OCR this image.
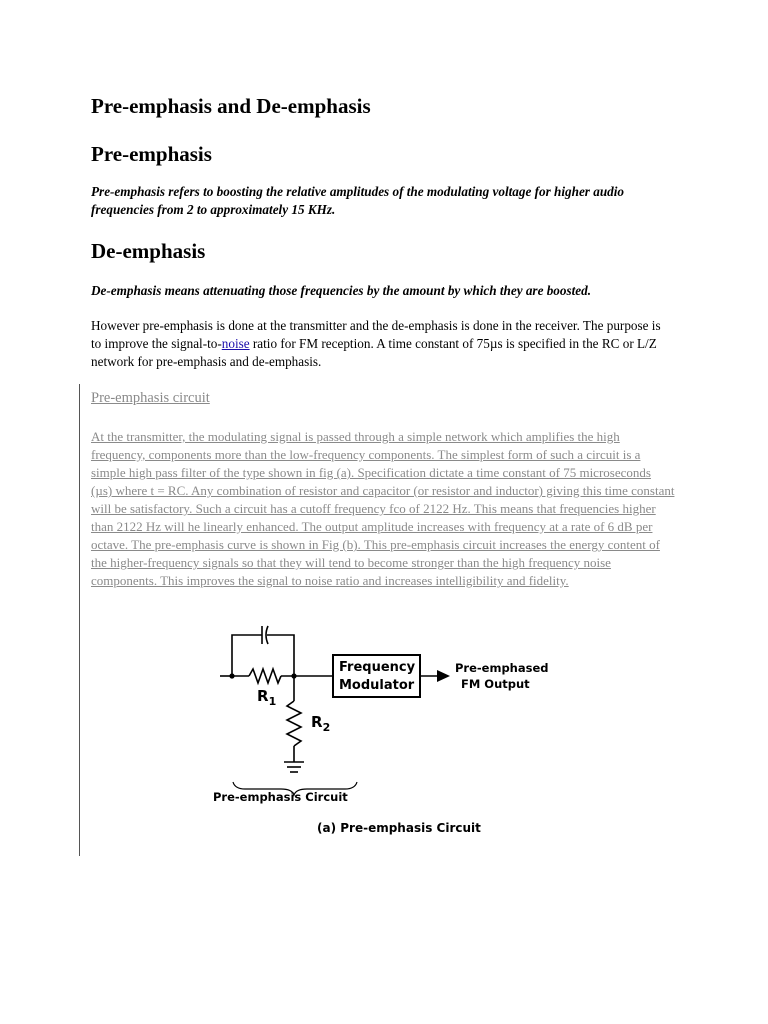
Pre-emphasis and De-emphasis
Pre-emphasis

Pre-emphasis refers to boosting the relative amplitudes of the modulating voltage for higher audio frequencies from 2 to approximately 15 KHz.

De-emphasis

De-emphasis means attenuating those frequencies by the amount by which they are boosted.

However pre-emphasis is done at the transmitter and the de-emphasis is done in the receiver. The purpose is to improve the signal-to-noise ratio for FM reception. A time constant of 75µs is specified in the RC or L/Z network for pre-emphasis and de-emphasis.

Pre-emphasis circuit

At the transmitter, the modulating signal is passed through a simple network which amplifies the high frequency, components more than the low-frequency components. The simplest form of such a circuit is a simple high pass filter of the type shown in fig (a). Specification dictate a time constant of 75 microseconds (µs) where t = RC. Any combination of resistor and capacitor (or resistor and inductor) giving this time constant will be satisfactory. Such a circuit has a cutoff frequency fco of 2122 Hz. This means that frequencies higher than 2122 Hz will he linearly enhanced. The output amplitude increases with frequency at a rate of 6 dB per octave. The pre-emphasis curve is shown in Fig (b). This pre-emphasis circuit increases the energy content of the higher-frequency signals so that they will tend to become stronger than the high frequency noise components. This improves the signal to noise ratio and increases intelligibility and fidelity.

$R_1$
$R_2$
Frequency
Modulator
Pre-emphased
FM Output
Pre-emphasis Circuit
(a) Pre-emphasis Circuit
